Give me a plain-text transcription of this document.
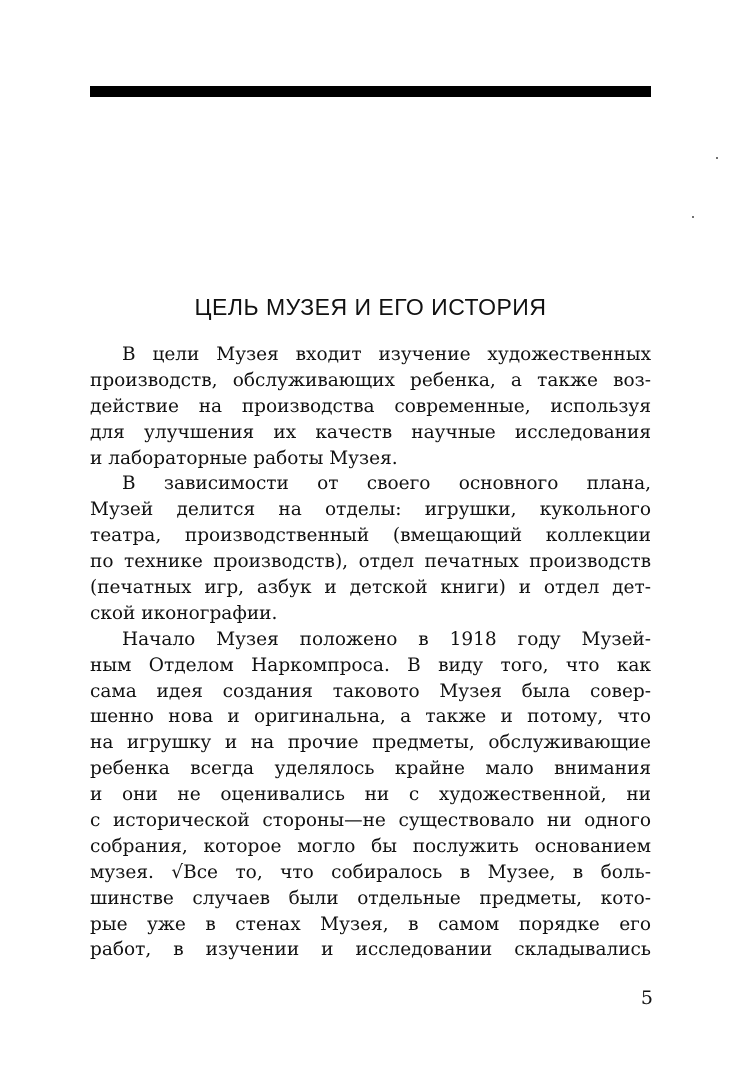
ЦЕЛЬ МУЗЕЯ И ЕГО ИСТОРИЯ
В цели Музея входит изучение художественных
производств, обслуживающих ребенка, а также воз-
действие на производства современные, используя
для улучшения их качеств научные исследования
и лабораторные работы Музея.
В зависимости от своего основного плана,
Музей делится на отделы: игрушки, кукольного
театра, производственный (вмещающий коллекции
по технике производств), отдел печатных производств
(печатных игр, азбук и детской книги) и отдел дет-
ской иконографии.
Начало Музея положено в 1918 году Музей-
ным Отделом Наркомпроса. В виду того, что как
сама идея создания таковото Музея была совер-
шенно нова и оригинальна, а также и потому, что
на игрушку и на прочие предметы, обслуживающие
ребенка всегда уделялось крайне мало внимания
и они не оценивались ни с художественной, ни
с исторической стороны—не существовало ни одного
собрания, которое могло бы послужить основанием
музея. √Все то, что собиралось в Музее, в боль-
шинстве случаев были отдельные предметы, кото-
рые уже в стенах Музея, в самом порядке его
работ, в изучении и исследовании складывались
5
